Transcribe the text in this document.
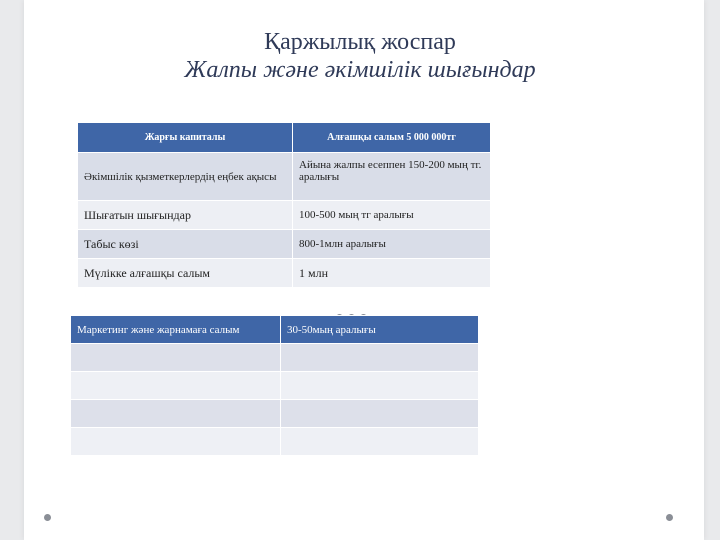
Қаржылық жоспар
Жалпы және әкімшілік шығындар
Жарғы капиталы	Алғашқы салым 5 000 000тг
Әкімшілік қызметкерлердің еңбек ақысы	Айына жалпы есеппен 150-200 мың тг. аралығы
Шығатын шығындар	100-500 мың тг аралығы
Табыс көзі	800-1млн аралығы
Мүлікке алғашқы салым	1 млн
Маркетинг және жарнамаға салым	30-50мың аралығы
